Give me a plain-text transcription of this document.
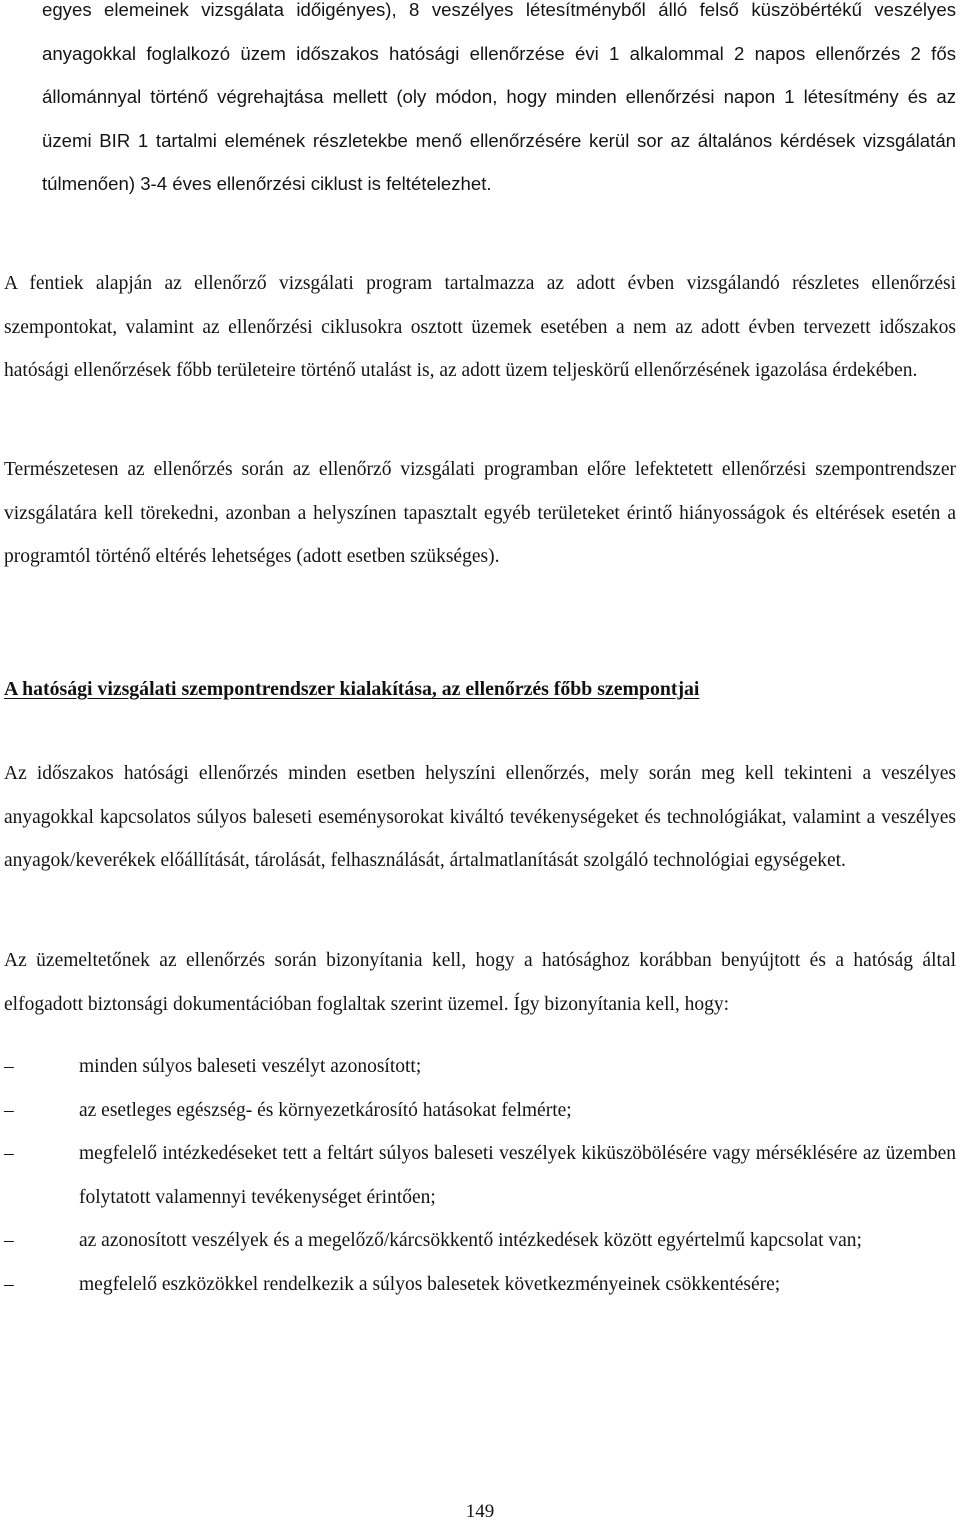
egyes elemeinek vizsgálata időigényes), 8 veszélyes létesítményből álló felső küszöbértékű veszélyes anyagokkal foglalkozó üzem időszakos hatósági ellenőrzése évi 1 alkalommal 2 napos ellenőrzés 2 fős állománnyal történő végrehajtása mellett (oly módon, hogy minden ellenőrzési napon 1 létesítmény és az üzemi BIR 1 tartalmi elemének részletekbe menő ellenőrzésére kerül sor az általános kérdések vizsgálatán túlmenően) 3-4 éves ellenőrzési ciklust is feltételezhet.

A fentiek alapján az ellenőrző vizsgálati program tartalmazza az adott évben vizsgálandó részletes ellenőrzési szempontokat, valamint az ellenőrzési ciklusokra osztott üzemek esetében a nem az adott évben tervezett időszakos hatósági ellenőrzések főbb területeire történő utalást is, az adott üzem teljeskörű ellenőrzésének igazolása érdekében.

Természetesen az ellenőrzés során az ellenőrző vizsgálati programban előre lefektetett ellenőrzési szempontrendszer vizsgálatára kell törekedni, azonban a helyszínen tapasztalt egyéb területeket érintő hiányosságok és eltérések esetén a programtól történő eltérés lehetséges (adott esetben szükséges).

A hatósági vizsgálati szempontrendszer kialakítása, az ellenőrzés főbb szempontjai

Az időszakos hatósági ellenőrzés minden esetben helyszíni ellenőrzés, mely során meg kell tekinteni a veszélyes anyagokkal kapcsolatos súlyos baleseti eseménysorokat kiváltó tevékenységeket és technológiákat, valamint a veszélyes anyagok/keverékek előállítását, tárolását, felhasználását, ártalmatlanítását szolgáló technológiai egységeket.

Az üzemeltetőnek az ellenőrzés során bizonyítania kell, hogy a hatósághoz korábban benyújtott és a hatóság által elfogadott biztonsági dokumentációban foglaltak szerint üzemel. Így bizonyítania kell, hogy:

–	minden súlyos baleseti veszélyt azonosított;
–	az esetleges egészség- és környezetkárosító hatásokat felmérte;
–	megfelelő intézkedéseket tett a feltárt súlyos baleseti veszélyek kiküszöbölésére vagy mérséklésére az üzemben folytatott valamennyi tevékenységet érintően;
–	az azonosított veszélyek és a megelőző/kárcsökkentő intézkedések között egyértelmű kapcsolat van;
–	megfelelő eszközökkel rendelkezik a súlyos balesetek következményeinek csökkentésére;
149
